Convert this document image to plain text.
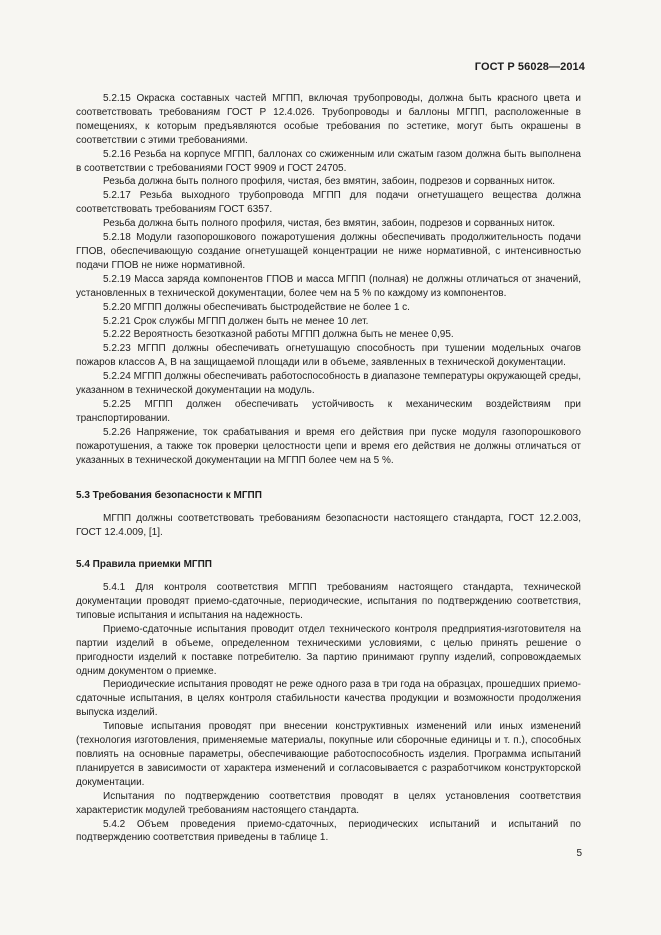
ГОСТ Р 56028—2014

5.2.15 Окраска составных частей МГПП, включая трубопроводы, должна быть красного цвета и соответствовать требованиям ГОСТ Р 12.4.026. Трубопроводы и баллоны МГПП, расположенные в помещениях, к которым предъявляются особые требования по эстетике, могут быть окрашены в соответствии с этими требованиями.

5.2.16 Резьба на корпусе МГПП, баллонах со сжиженным или сжатым газом должна быть выполнена в соответствии с требованиями ГОСТ 9909 и ГОСТ 24705.

Резьба должна быть полного профиля, чистая, без вмятин, забоин, подрезов и сорванных ниток.

5.2.17 Резьба выходного трубопровода МГПП для подачи огнетушащего вещества должна соответствовать требованиям ГОСТ 6357.

Резьба должна быть полного профиля, чистая, без вмятин, забоин, подрезов и сорванных ниток.

5.2.18 Модули газопорошкового пожаротушения должны обеспечивать продолжительность подачи ГПОВ, обеспечивающую создание огнетушащей концентрации не ниже нормативной, с интенсивностью подачи ГПОВ не ниже нормативной.

5.2.19 Масса заряда компонентов ГПОВ и масса МГПП (полная) не должны отличаться от значений, установленных в технической документации, более чем на 5 % по каждому из компонентов.

5.2.20 МГПП должны обеспечивать быстродействие не более 1 с.

5.2.21 Срок службы МГПП должен быть не менее 10 лет.

5.2.22 Вероятность безотказной работы МГПП должна быть не менее 0,95.

5.2.23 МГПП должны обеспечивать огнетушащую способность при тушении модельных очагов пожаров классов А, В на защищаемой площади или в объеме, заявленных в технической документации.

5.2.24 МГПП должны обеспечивать работоспособность в диапазоне температуры окружающей среды, указанном в технической документации на модуль.

5.2.25 МГПП должен обеспечивать устойчивость к механическим воздействиям при транспортировании.

5.2.26 Напряжение, ток срабатывания и время его действия при пуске модуля газопорошкового пожаротушения, а также ток проверки целостности цепи и время его действия не должны отличаться от указанных в технической документации на МГПП более чем на 5 %.

5.3 Требования безопасности к МГПП

МГПП должны соответствовать требованиям безопасности настоящего стандарта, ГОСТ 12.2.003, ГОСТ 12.4.009, [1].

5.4 Правила приемки МГПП

5.4.1 Для контроля соответствия МГПП требованиям настоящего стандарта, технической документации проводят приемо-сдаточные, периодические, испытания по подтверждению соответствия, типовые испытания и испытания на надежность.

Приемо-сдаточные испытания проводит отдел технического контроля предприятия-изготовителя на партии изделий в объеме, определенном техническими условиями, с целью принять решение о пригодности изделий к поставке потребителю. За партию принимают группу изделий, сопровождаемых одним документом о приемке.

Периодические испытания проводят не реже одного раза в три года на образцах, прошедших приемо-сдаточные испытания, в целях контроля стабильности качества продукции и возможности продолжения выпуска изделий.

Типовые испытания проводят при внесении конструктивных изменений или иных изменений (технология изготовления, применяемые материалы, покупные или сборочные единицы и т. п.), способных повлиять на основные параметры, обеспечивающие работоспособность изделия. Программа испытаний планируется в зависимости от характера изменений и согласовывается с разработчиком конструкторской документации.

Испытания по подтверждению соответствия проводят в целях установления соответствия характеристик модулей требованиям настоящего стандарта.

5.4.2 Объем проведения приемо-сдаточных, периодических испытаний и испытаний по подтверждению соответствия приведены в таблице 1.

5
